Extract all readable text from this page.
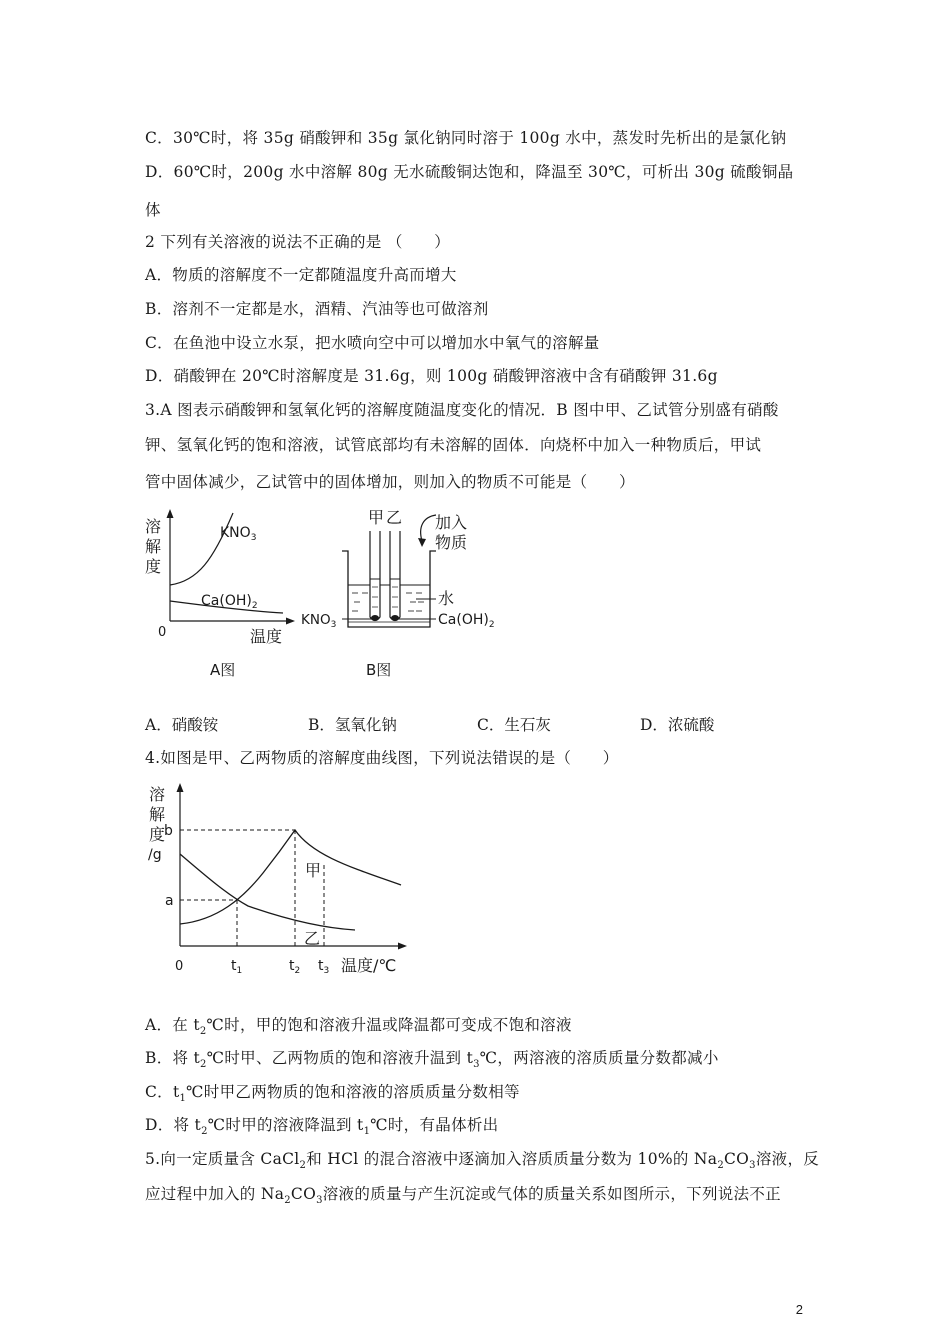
C．30℃时，将 35g 硝酸钾和 35g 氯化钠同时溶于 100g 水中，蒸发时先析出的是氯化钠
D．60℃时，200g 水中溶解 80g 无水硫酸铜达饱和，降温至 30℃，可析出 30g 硫酸铜晶
体
2 下列有关溶液的说法不正确的是 （　　）
A．物质的溶解度不一定都随温度升高而增大
B．溶剂不一定都是水，酒精、汽油等也可做溶剂
C．在鱼池中设立水泵，把水喷向空中可以增加水中氧气的溶解量
D．硝酸钾在 20℃时溶解度是 31.6g，则 100g 硝酸钾溶液中含有硝酸钾 31.6g
3.A 图表示硝酸钾和氢氧化钙的溶解度随温度变化的情况．B 图中甲、乙试管分别盛有硝酸
钾、氢氧化钙的饱和溶液，试管底部均有未溶解的固体．向烧杯中加入一种物质后，甲试
管中固体减少，乙试管中的固体增加，则加入的物质不可能是（　　）
溶
解
度
$KNO_3$
$Ca(OH)_2$
0	温度
A图
甲 乙 加入
物质
水
$KNO_3$	$Ca(OH)_2$
B图
A．硝酸铵	B．氢氧化钠	C．生石灰	D．浓硫酸
4.如图是甲、乙两物质的溶解度曲线图，下列说法错误的是（　　）
溶
解
度
/g
b
a
0	$t_1$	$t_2$ $t_3$ 温度/℃
甲
乙
A．在 $t_2℃$时，甲的饱和溶液升温或降温都可变成不饱和溶液
B．将 $t_2℃$时甲、乙两物质的饱和溶液升温到 $t_3℃$，两溶液的溶质质量分数都减小
C．$t_1℃$时甲乙两物质的饱和溶液的溶质质量分数相等
D．将 $t_2℃$时甲的溶液降温到 $t_1℃$时，有晶体析出
5.向一定质量含 CaCl$_2$和 HCl 的混合溶液中逐滴加入溶质质量分数为 10%的 $Na_2CO_3$溶液，反
应过程中加入的 $Na_2CO_3$溶液的质量与产生沉淀或气体的质量关系如图所示，下列说法不正
2
